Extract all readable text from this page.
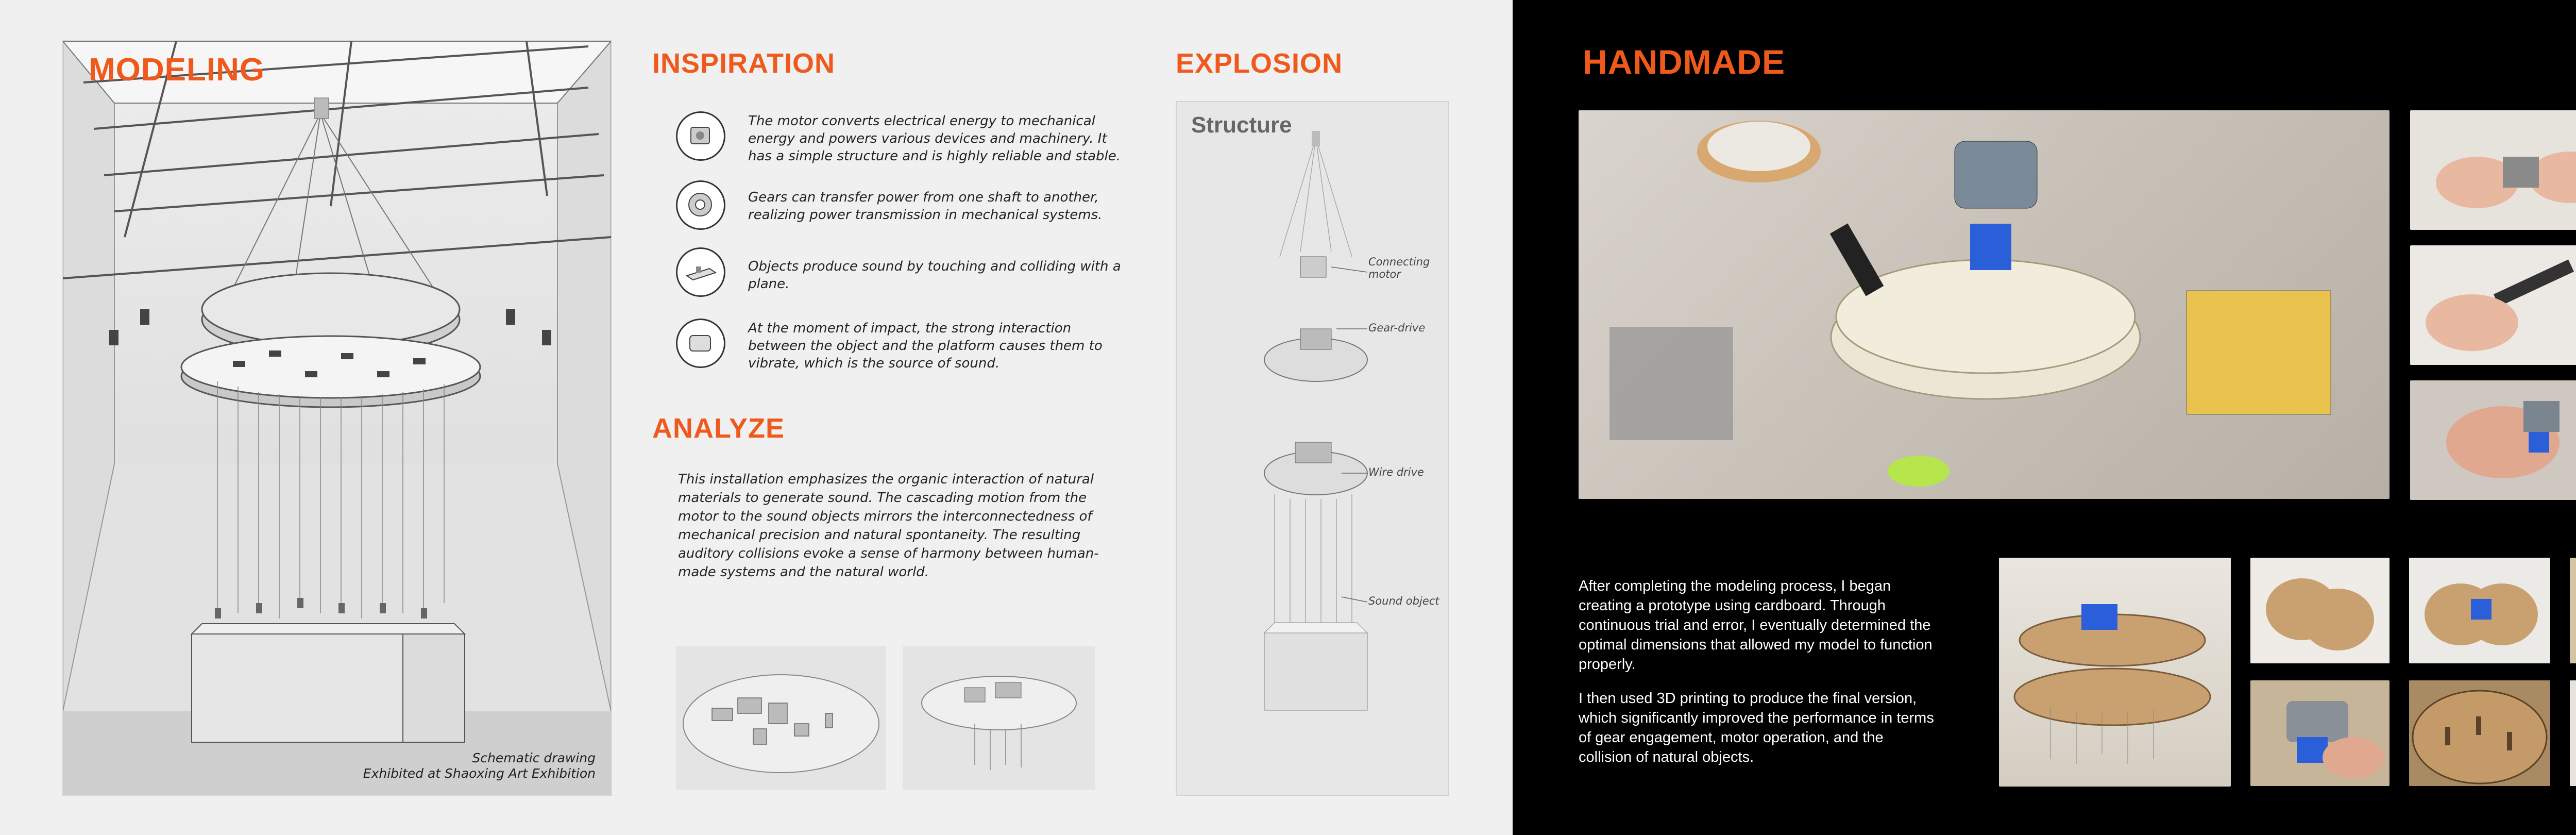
MODELING
Schematic drawing
Exhibited at Shaoxing Art Exhibition
INSPIRATION
The motor converts electrical energy to mechanical energy and powers various devices and machinery. It has a simple structure and is highly reliable and stable.
Gears can transfer power from one shaft to another, realizing power transmission in mechanical systems.
Objects produce sound by touching and colliding with a plane.
At the moment of impact, the strong interaction between the object and the platform causes them to vibrate, which is the source of sound.
ANALYZE
This installation emphasizes the organic interaction of natural materials to generate sound. The cascading motion from the motor to the sound objects mirrors the interconnectedness of mechanical precision and natural spontaneity. The resulting auditory collisions evoke a sense of harmony between human-made systems and the natural world.
EXPLOSION
Structure
Connecting motor
Gear-drive
Wire drive
Sound object
HANDMADE
After completing the modeling process, I began creating a prototype using cardboard. Through continuous trial and error, I eventually determined the optimal dimensions that allowed my model to function properly.
I then used 3D printing to produce the final version, which significantly improved the performance in terms of gear engagement, motor operation, and the collision of natural objects.
